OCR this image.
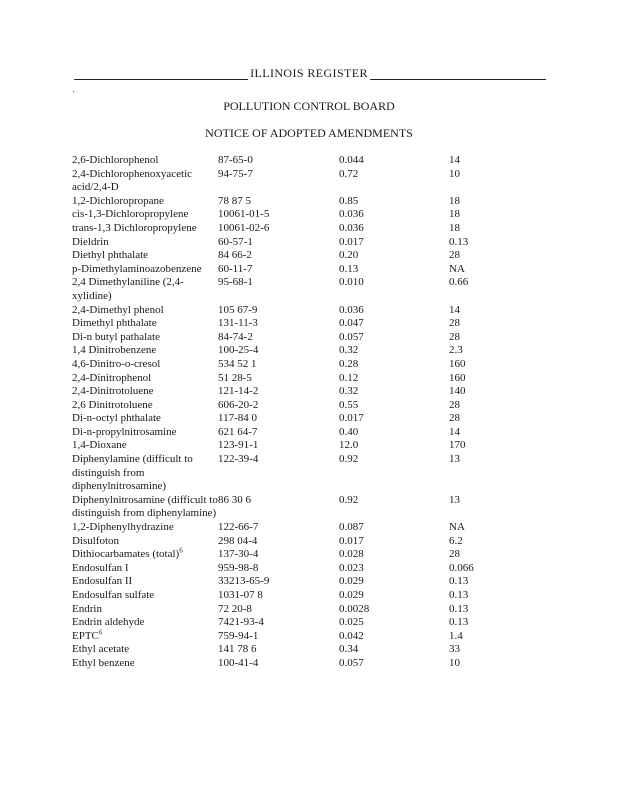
ILLINOIS REGISTER
POLLUTION CONTROL BOARD
NOTICE OF ADOPTED AMENDMENTS
2,6-Dichlorophenol	87-65-0	0.044	14
2,4-Dichlorophenoxyacetic acid/2,4-D	94-75-7	0.72	10
1,2-Dichloropropane	78 87 5	0.85	18
cis-1,3-Dichloropropylene	10061-01-5	0.036	18
trans-1,3 Dichloropropylene	10061-02-6	0.036	18
Dieldrin	60-57-1	0.017	0.13
Diethyl phthalate	84 66-2	0.20	28
p-Dimethylaminoazobenzene	60-11-7	0.13	NA
2,4 Dimethylaniline (2,4-xylidine)	95-68-1	0.010	0.66
2,4-Dimethyl phenol	105 67-9	0.036	14
Dimethyl phthalate	131-11-3	0.047	28
Di-n butyl pathalate	84-74-2	0.057	28
1,4 Dinitrobenzene	100-25-4	0.32	2.3
4,6-Dinitro-o-cresol	534 52 1	0.28	160
2,4-Dinitrophenol	51 28-5	0.12	160
2,4-Dinitrotoluene	121-14-2	0.32	140
2,6 Dinitrotoluene	606-20-2	0.55	28
Di-n-octyl phthalate	117-84 0	0.017	28
Di-n-propylnitrosamine	621 64-7	0.40	14
1,4-Dioxane	123-91-1	12.0	170
Diphenylamine (difficult to distinguish from diphenylnitrosamine)	122-39-4	0.92	13
Diphenylnitrosamine (difficult to distinguish from diphenylamine)	86 30 6	0.92	13
1,2-Diphenylhydrazine	122-66-7	0.087	NA
Disulfoton	298 04-4	0.017	6.2
Dithiocarbamates (total)$^6$	137-30-4	0.028	28
Endosulfan I	959-98-8	0.023	0.066
Endosulfan II	33213-65-9	0.029	0.13
Endosulfan sulfate	1031-07 8	0.029	0.13
Endrin	72 20-8	0.0028	0.13
Endrin aldehyde	7421-93-4	0.025	0.13
EPTC$^6$	759-94-1	0.042	1.4
Ethyl acetate	141 78 6	0.34	33
Ethyl benzene	100-41-4	0.057	10
